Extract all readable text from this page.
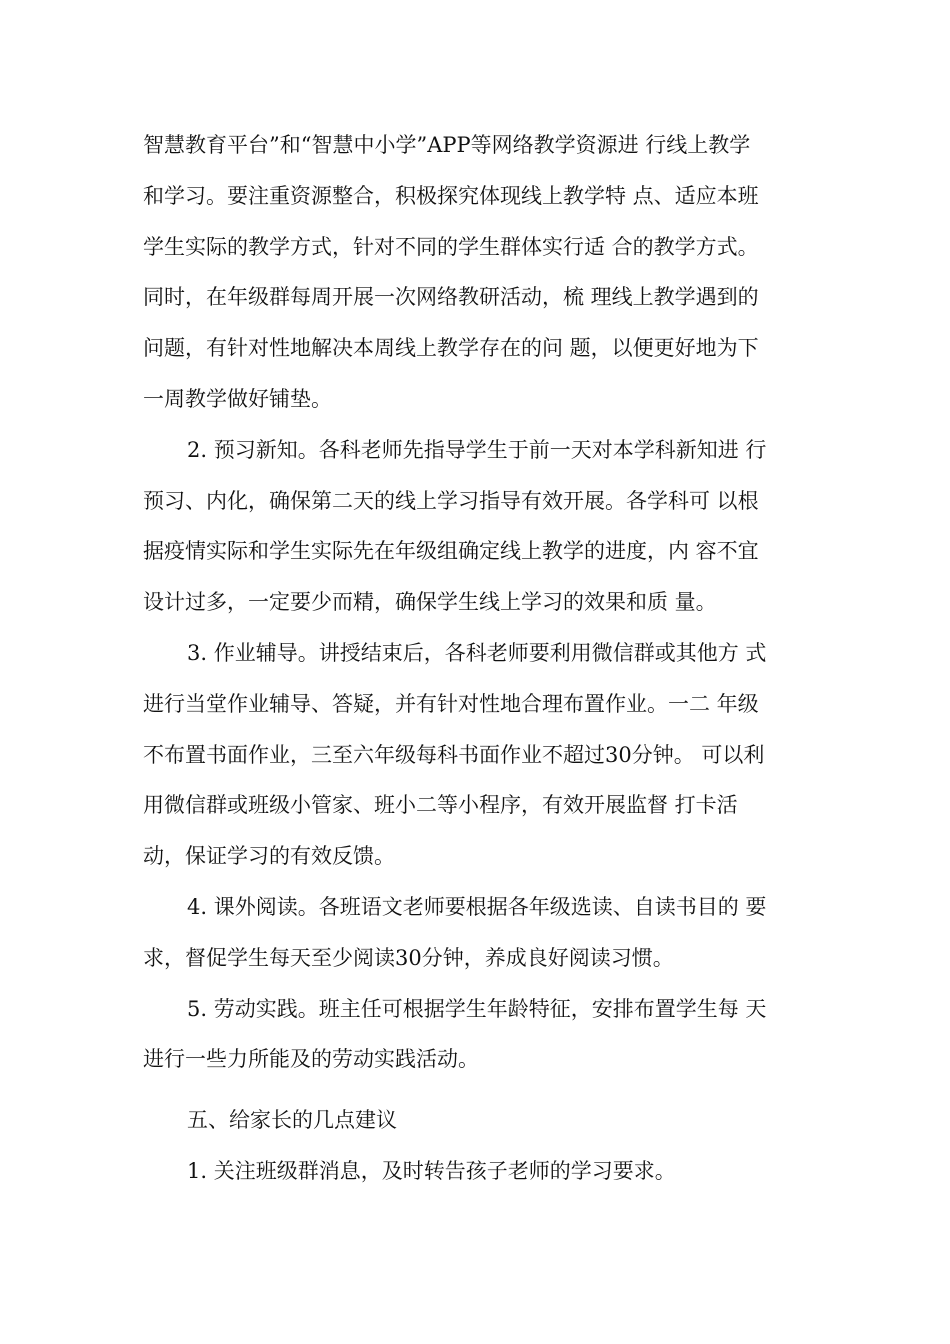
智慧教育平台”和“智慧中小学”APP等网络教学资源进 行线上教学
和学习。要注重资源整合，积极探究体现线上教学特 点、适应本班
学生实际的教学方式，针对不同的学生群体实行适 合的教学方式。
同时，在年级群每周开展一次网络教研活动，梳 理线上教学遇到的
问题，有针对性地解决本周线上教学存在的问 题，以便更好地为下
一周教学做好铺垫。
2. 预习新知。各科老师先指导学生于前一天对本学科新知进 行
预习、内化，确保第二天的线上学习指导有效开展。各学科可 以根
据疫情实际和学生实际先在年级组确定线上教学的进度，内 容不宜
设计过多，一定要少而精，确保学生线上学习的效果和质 量。
3. 作业辅导。讲授结束后，各科老师要利用微信群或其他方 式
进行当堂作业辅导、答疑，并有针对性地合理布置作业。一二 年级
不布置书面作业，三至六年级每科书面作业不超过30分钟。 可以利
用微信群或班级小管家、班小二等小程序，有效开展监督 打卡活
动，保证学习的有效反馈。
4. 课外阅读。各班语文老师要根据各年级选读、自读书目的 要
求，督促学生每天至少阅读30分钟，养成良好阅读习惯。
5. 劳动实践。班主任可根据学生年龄特征，安排布置学生每 天
进行一些力所能及的劳动实践活动。
五、给家长的几点建议
1. 关注班级群消息，及时转告孩子老师的学习要求。
